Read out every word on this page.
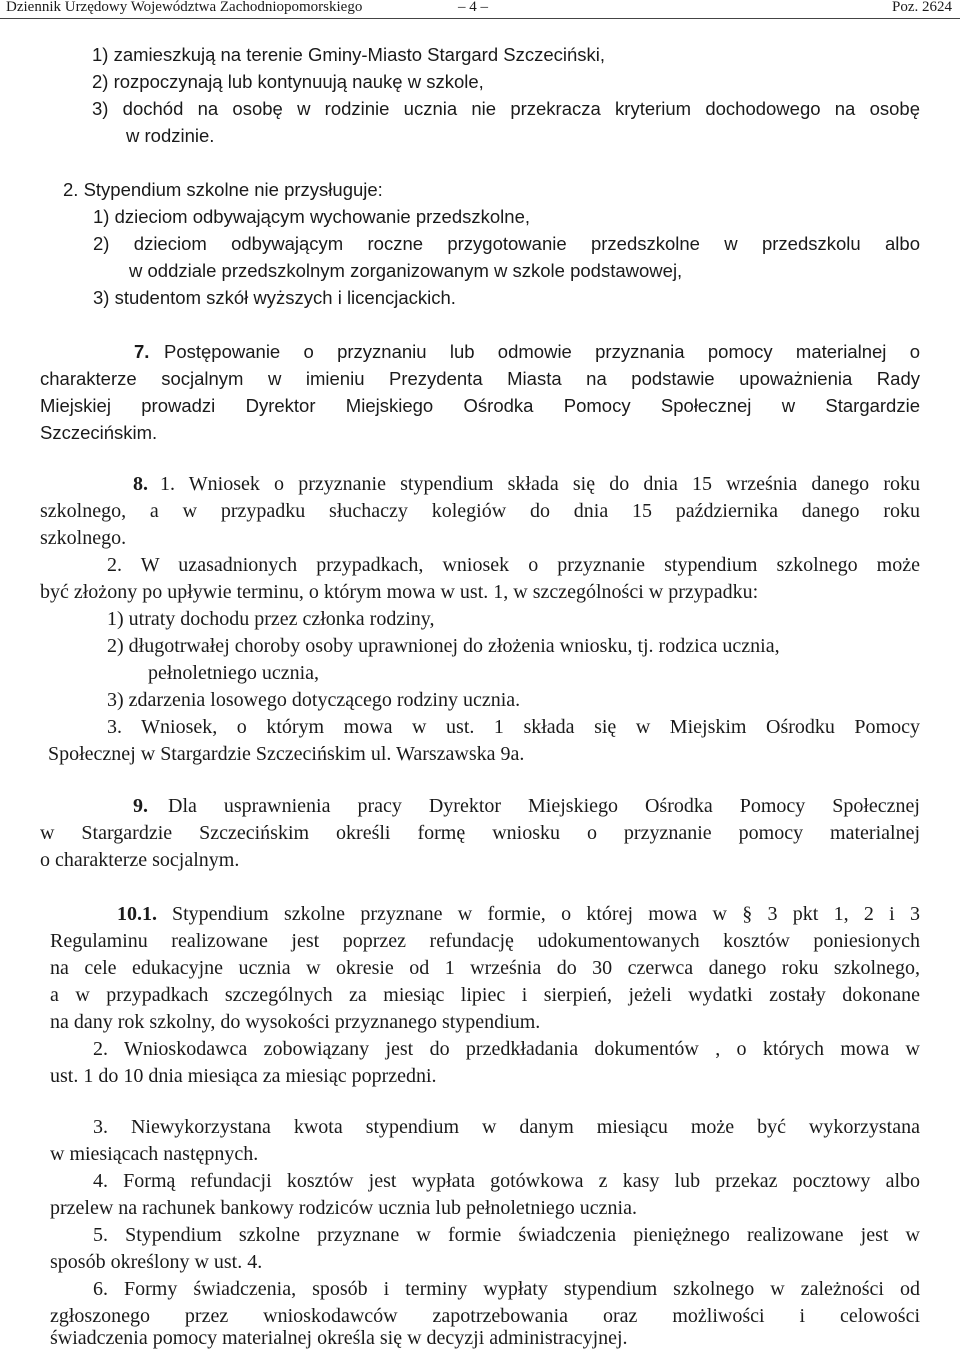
Dziennik Urzędowy Województwa Zachodniopomorskiego	– 4 –	Poz. 2624

1) zamieszkują na terenie Gminy-Miasto Stargard Szczeciński,

2) rozpoczynają lub kontynuują naukę w szkole,

3) dochód na osobę w rodzinie ucznia nie przekracza kryterium dochodowego na osobę

w rodzinie.

2. Stypendium szkolne nie przysługuje:

1) dzieciom odbywającym wychowanie przedszkolne,

2) dzieciom odbywającym roczne przygotowanie przedszkolne w przedszkolu albo

w oddziale przedszkolnym zorganizowanym w szkole podstawowej,

3) studentom szkół wyższych i licencjackich.

7. Postępowanie o przyznaniu lub odmowie przyznania pomocy materialnej o

charakterze socjalnym w imieniu Prezydenta Miasta na podstawie upoważnienia Rady

Miejskiej prowadzi Dyrektor Miejskiego Ośrodka Pomocy Społecznej w Stargardzie

Szczecińskim.

8. 1. Wniosek o przyznanie stypendium składa się do dnia 15 września danego roku

szkolnego, a w przypadku słuchaczy kolegiów do dnia 15 października danego roku

szkolnego.

2. W uzasadnionych przypadkach, wniosek o przyznanie stypendium szkolnego może

być złożony po upływie terminu, o którym mowa w ust. 1, w szczególności w przypadku:

1) utraty dochodu przez członka rodziny,

2) długotrwałej choroby osoby uprawnionej do złożenia wniosku, tj. rodzica ucznia,

pełnoletniego ucznia,

3) zdarzenia losowego dotyczącego rodziny ucznia.

3. Wniosek, o którym mowa w ust. 1 składa się w Miejskim Ośrodku Pomocy

Społecznej w Stargardzie Szczecińskim ul. Warszawska 9a.

9. Dla usprawnienia pracy Dyrektor Miejskiego Ośrodka Pomocy Społecznej

w Stargardzie Szczecińskim określi formę wniosku o przyznanie pomocy materialnej

o charakterze socjalnym.

10.1. Stypendium szkolne przyznane w formie, o której mowa w § 3 pkt 1, 2 i 3

Regulaminu realizowane jest poprzez refundację udokumentowanych kosztów poniesionych

na cele edukacyjne ucznia w okresie od 1 września do 30 czerwca danego roku szkolnego,

a w przypadkach szczególnych za miesiąc lipiec i sierpień, jeżeli wydatki zostały dokonane

na dany rok szkolny, do wysokości przyznanego stypendium.

2. Wnioskodawca zobowiązany jest do przedkładania dokumentów , o których mowa w

ust. 1 do 10 dnia miesiąca za miesiąc poprzedni.

3. Niewykorzystana kwota stypendium w danym miesiącu może być wykorzystana

w miesiącach następnych.

4. Formą refundacji kosztów jest wypłata gotówkowa z kasy lub przekaz pocztowy albo

przelew na rachunek bankowy rodziców ucznia lub pełnoletniego ucznia.

5. Stypendium szkolne przyznane w formie świadczenia pieniężnego realizowane jest w

sposób określony w ust. 4.

6. Formy świadczenia, sposób i terminy wypłaty stypendium szkolnego w zależności od

zgłoszonego przez wnioskodawców zapotrzebowania oraz możliwości i celowości

świadczenia pomocy materialnej określa się w decyzji administracyjnej.
